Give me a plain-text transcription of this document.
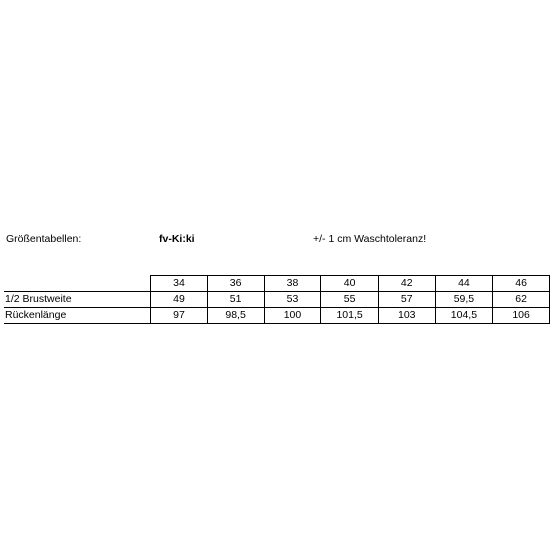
Größentabellen:	fv-Ki:ki	+/- 1 cm Waschtoleranz!
	34	36	38	40	42	44	46
1/2 Brustweite	49	51	53	55	57	59,5	62
Rückenlänge	97	98,5	100	101,5	103	104,5	106
